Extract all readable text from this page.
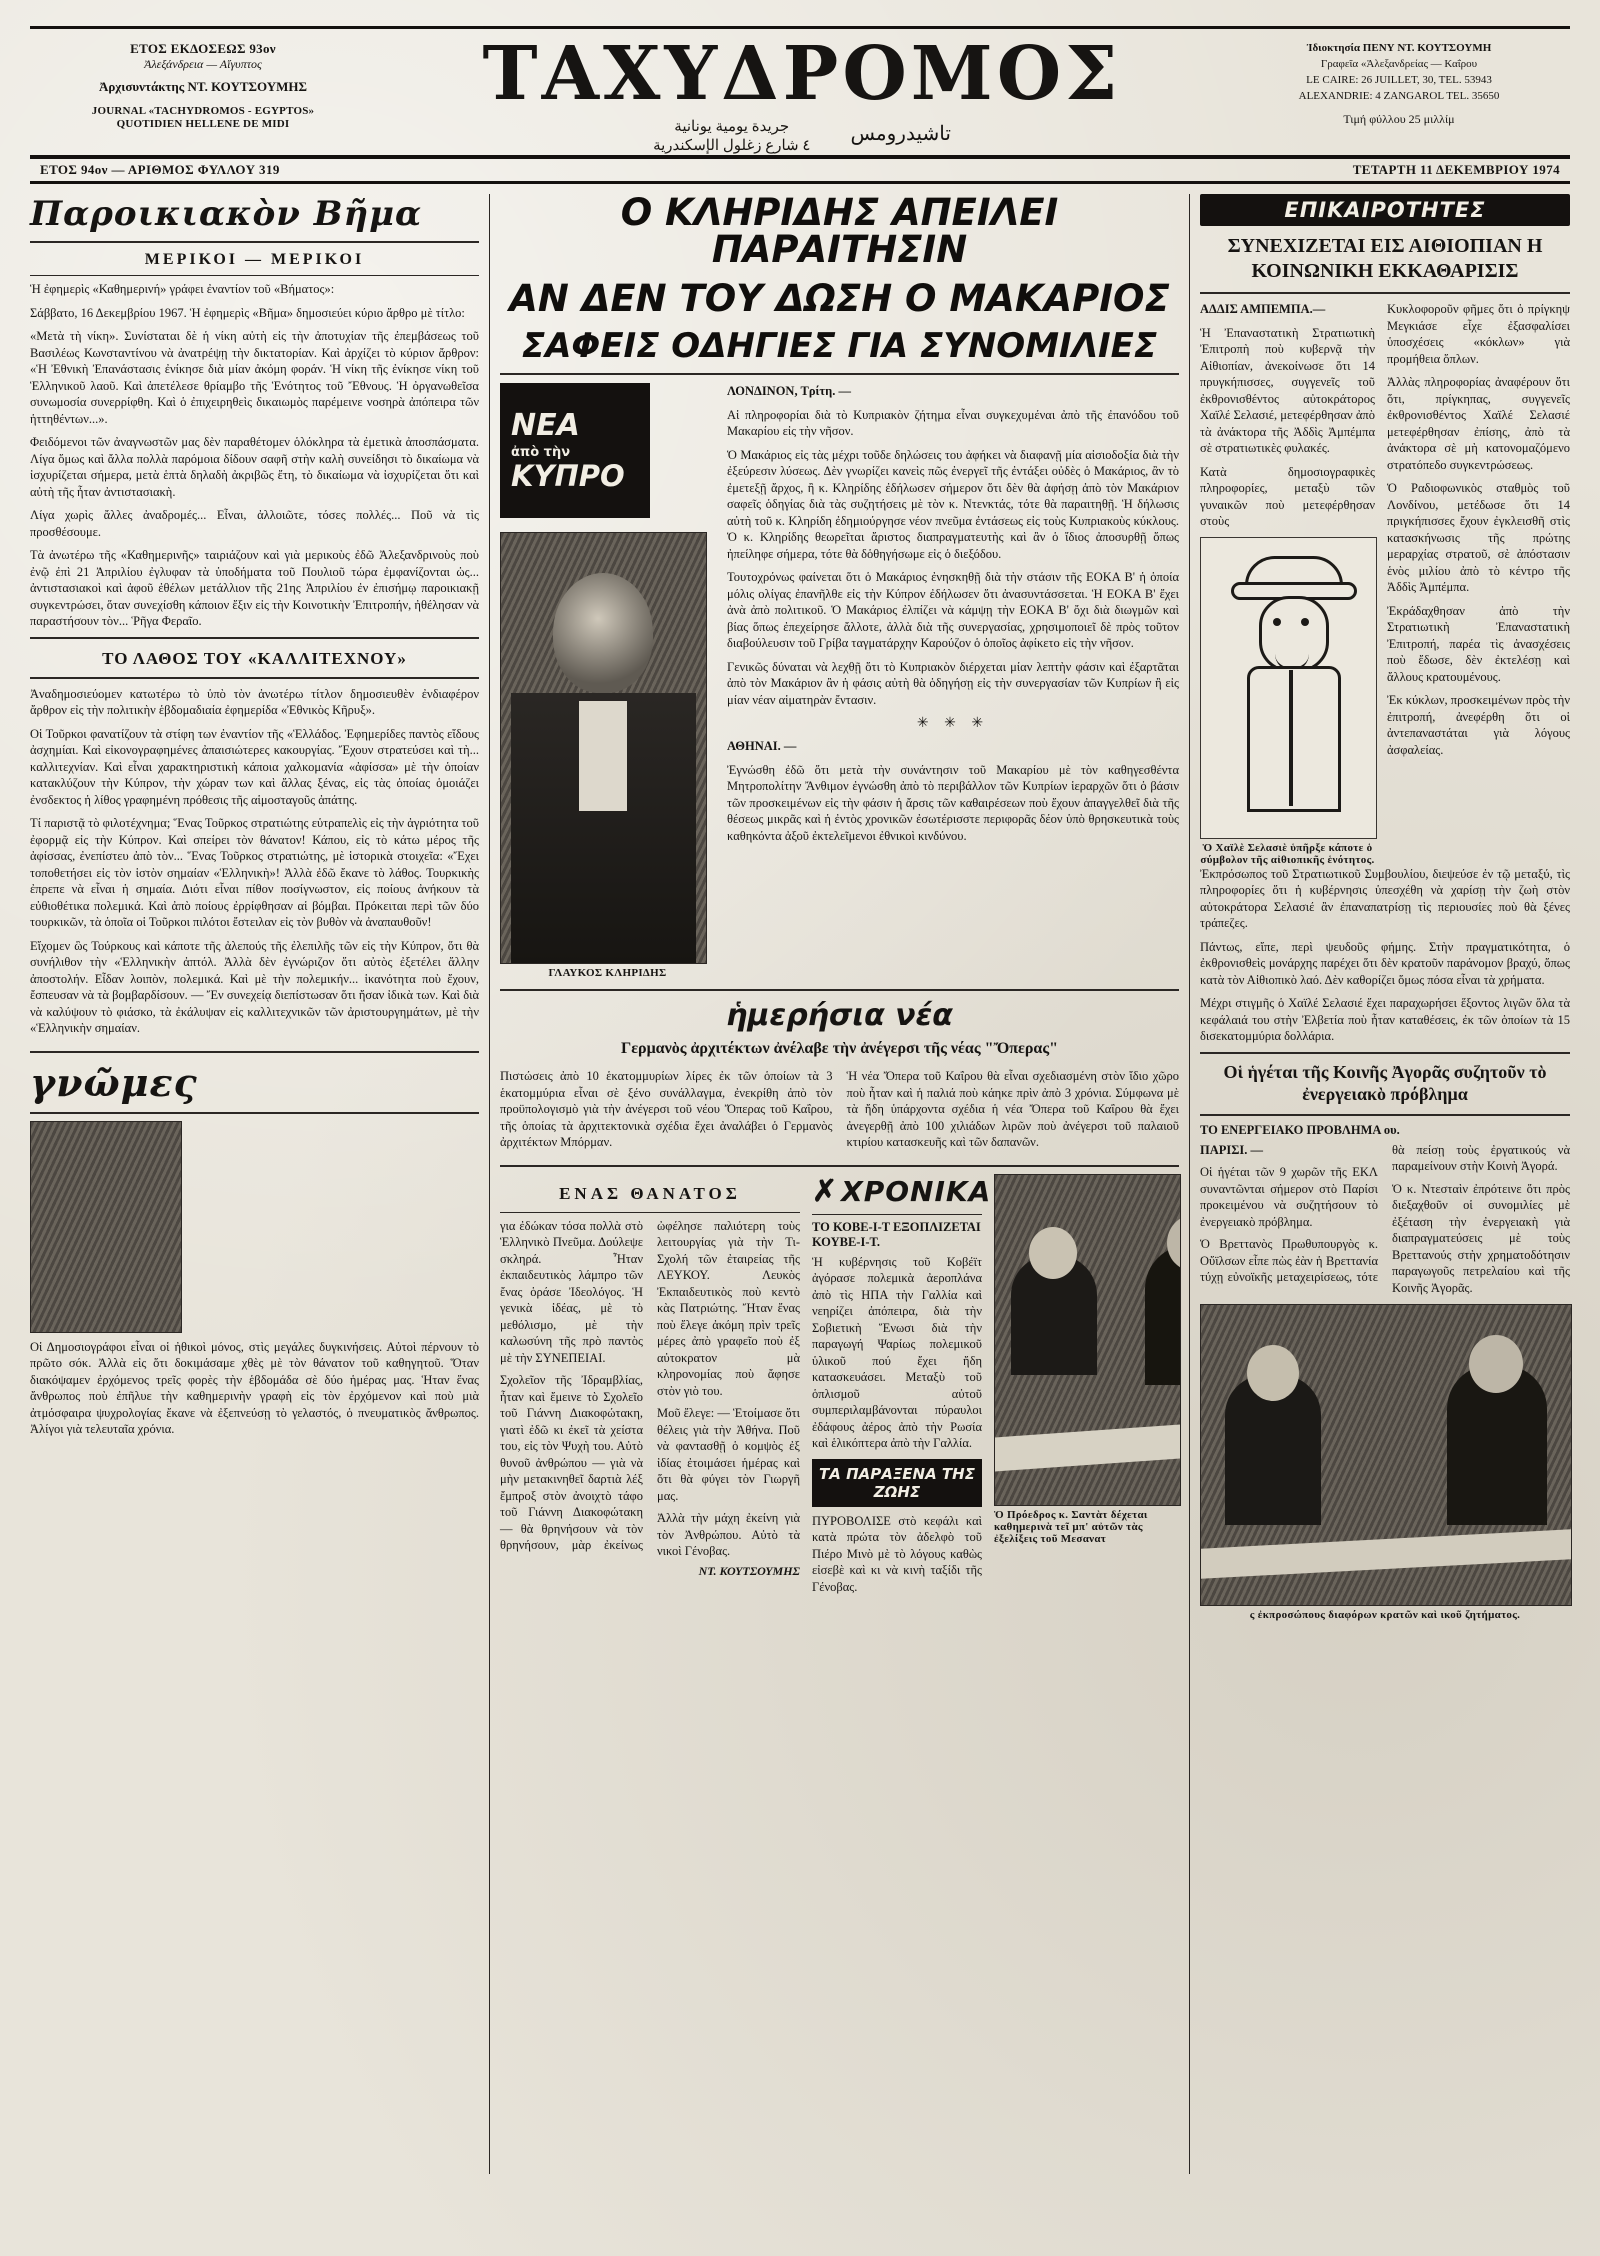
ΕΤΟΣ ΕΚΔΟΣΕΩΣ 93ον
Ἀλεξάνδρεια — Αἴγυπτος
Ἀρχισυντάκτης ΝΤ. ΚΟΥΤΣΟΥΜΗΣ
JOURNAL «TACHYDROMOS - EGYPTOS»
QUOTIDIEN HELLENE DE MIDI
ΤΑΧΥΔΡΟΜΟΣ
جريدة يومية يونانية
٤ شارع زغلول الإسكندرية
تاشيدرومس
Ἰδιοκτησία ΠΕΝΥ ΝΤ. ΚΟΥΤΣΟΥΜΗ
Γραφεῖα «Ἀλεξανδρείας — Καΐρου
LE CAIRE: 26 JUILLET, 30, TEL. 53943
ALEXANDRIE: 4 ZANGAROL TEL. 35650
Τιμή φύλλου 25 μιλλίμ
ΕΤΟΣ 94ον — ΑΡΙΘΜΟΣ ΦΥΛΛΟΥ 319	ΤΕΤΑΡΤΗ 11 ΔΕΚΕΜΒΡΙΟΥ 1974
Παροικιακὸν Βῆμα
ΜΕΡΙΚΟΙ — ΜΕΡΙΚΟΙ

Ἡ ἐφημερὶς «Καθημερινή» γράφει ἐναντίον τοῦ «Βήματος»:

Σάββατο, 16 Δεκεμβρίου 1967. Ἡ ἐφημερὶς «Βῆμα» δημοσιεύει κύριο ἄρθρο μὲ τίτλο:

«Μετὰ τὴ νίκη». Συνίσταται δὲ ἡ νίκη αὐτὴ εἰς τὴν ἀποτυχίαν τῆς ἐπεμβάσεως τοῦ Βασιλέως Κωνσταντίνου νὰ ἀνατρέψῃ τὴν δικτατορίαν. Καὶ ἀρχίζει τὸ κύριον ἄρθρον: «Ἡ Ἐθνικὴ Ἐπανάστασις ἐνίκησε διὰ μίαν ἀκόμη φοράν. Ἡ νίκη τῆς ἐνίκησε νίκη τοῦ Ἑλληνικοῦ λαοῦ. Καὶ ἀπετέλεσε θρίαμβο τῆς Ἑνότητος τοῦ Ἔθνους. Ἡ ὀργανωθεῖσα συνωμοσία συνερρίφθη. Καὶ ὁ ἐπιχειρηθεὶς δικαιωμὸς παρέμεινε νοσηρὰ ἀπόπειρα τῶν ἡττηθέντων...».

Φειδόμενοι τῶν ἀναγνωστῶν μας δὲν παραθέτομεν ὁλόκληρα τὰ ἐμετικὰ ἀποσπάσματα. Λίγα ὅμως καὶ ἄλλα πολλὰ παρόμοια δίδουν σαφῆ στὴν καλὴ συνείδησι τὸ δικαίωμα νὰ ἰσχυρίζεται σήμερα, μετὰ ἑπτὰ δηλαδὴ ἀκριβῶς ἔτη, τὸ δικαίωμα νὰ ἰσχυρίζεται ὅτι καὶ αὐτὴ τῆς ἦταν ἀντιστασιακὴ.

Λίγα χωρὶς ἄλλες ἀναδρομές... Εἶναι, ἀλλοιῶτε, τόσες πολλές... Ποῦ νὰ τὶς προσθέσουμε.

Τὰ ἀνωτέρω τῆς «Καθημερινῆς» ταιριάζουν καὶ γιὰ μερικοὺς ἐδῶ Ἀλεξανδρινοὺς ποὺ ἐνῷ ἐπὶ 21 Ἀπριλίου ἐγλυφαν τὰ ὑποδήματα τοῦ Πουλιοῦ τώρα ἐμφανίζονται ὡς... ἀντιστασιακοὶ καὶ ἀφοῦ ἐθέλων μετάλλιον τῆς 21ης Ἀπριλίου ἐν ἐπισήμῳ παροικιακῇ συγκεντρώσει, ὅταν συνεχίσθη κάποιον ἔξιν εἰς τὴν Κοινοτικὴν Ἐπιτροπήν, ἠθέλησαν νὰ παραστήσουν τὸν... Ῥῆγα Φεραῖο.

ΤΟ ΛΑΘΟΣ ΤΟΥ «ΚΑΛΛΙΤΕΧΝΟΥ»

Ἀναδημοσιεύομεν κατωτέρω τὸ ὑπὸ τὸν ἀνωτέρω τίτλον δημοσιευθὲν ἐνδιαφέρον ἄρθρον εἰς τὴν πολιτικὴν ἑβδομαδιαία ἐφημερίδα «Ἐθνικὸς Κῆρυξ».

Οἱ Τοῦρκοι φανατίζουν τὰ στίφη των ἐναντίον τῆς «Ἑλλάδος. Ἐφημερίδες παντὸς εἴδους ἀσχημίαι. Καὶ εἰκονογραφημένες ἀπαισιώτερες κακουργίας. Ἔχουν στρατεύσει καὶ τὴ... καλλιτεχνίαν. Καὶ εἶναι χαρακτηριστικὴ κάποια χαλκομανία «ἀφίσσα» μὲ τὴν ὁποίαν κατακλύζουν τὴν Κύπρον, τὴν χώραν των καὶ ἄλλας ξένας, εἰς τὰς ὁποίας ὁμοιάζει ἐνσδεκτος ἡ λίθος γραφημένη πρόθεσις τῆς αἱμοσταγοῦς ἀπάτης.

Τί παριστᾷ τὸ φιλοτέχνημα; Ἕνας Τοῦρκος στρατιώτης εὑτραπελὶς εἰς τὴν ἀγριότητα τοῦ ἐφορμᾷ εἰς τὴν Κύπρον. Καὶ σπείρει τὸν θάνατον! Κάπου, εἰς τὸ κάτω μέρος τῆς ἀφίσσας, ἐνεπίστευ ἀπὸ τὸν... Ἕνας Τοῦρκος στρατιώτης, μὲ ἱστορικὰ στοιχεῖα: «Ἔχει τοποθετήσει εἰς τὸν ἱστὸν σημαίαν «Ἑλληνικὴ»! Ἀλλὰ ἐδῶ ἔκανε τὸ λάθος. Τουρκικὴς ἐπρεπε νὰ εἶναι ἡ σημαία. Διότι εἶναι πίθον ποσίγνωστον, εἰς ποίους ἀνήκουν τὰ εὐθιοθέτικα πολεμικά. Καὶ ἀπὸ ποίους ἐρρίφθησαν αἱ βόμβαι. Πρόκειται περὶ τῶν δύο τουρκικῶν, τὰ ὁποῖα οἱ Τοῦρκοι πιλότοι ἔστειλαν εἰς τὸν βυθὸν νὰ ἀναπαυθοῦν!

Εἴχομεν ὣς Τούρκους καὶ κάποτε τῆς ἀλεπούς τῆς ἐλεπιλῆς τῶν εἰς τὴν Κύπρον, ὅτι θὰ συνήλιθον τὴν «Ἑλληνικὴν ἀπτόλ. Ἀλλὰ δὲν ἐγνώριζον ὅτι αὐτὸς ἐξετέλει ἄλλην ἀποστολήν. Εἶδαν λοιπὸν, πολεμικά. Καὶ μὲ τὴν πολεμικήν... ἱκανότητα ποὺ ἔχουν, ἔσπευσαν νὰ τὰ βομβαρδίσουν. — Ἔν συνεχείᾳ διεπίστωσαν ὅτι ἤσαν ἰδικὰ των. Καὶ διὰ νὰ καλύψουν τὸ φιάσκο, τὰ ἐκάλυψαν εἰς καλλιτεχνικῶν τῶν ἀριστουργημάτων, μὲ τὴν «Ἑλληνικὴν σημαίαν.

γνῶμες

Οἱ Δημοσιογράφοι εἶναι οἱ ἠθικοὶ μόνος, στὶς μεγάλες δυγκινήσεις. Αὐτοὶ πέρνουν τὸ πρῶτο σόκ. Ἀλλὰ εἰς ὅτι δοκιμάσαμε χθὲς μὲ τὸν θάνατον τοῦ καθηγητοῦ. Ὅταν διακόψαμεν ἐρχόμενος τρεῖς φορὲς τὴν ἑβδομάδα σὲ δύο ἡμέρας μας. Ἡταν ἕνας ἄνθρωπος ποὺ ἐπῆλυε τὴν καθημερινὴν γραφὴ εἰς τὸν ἐρχόμενον καὶ ποὺ μιὰ ἀτμόσφαιρα ψυχρολογίας ἔκανε νὰ ἐξεπνεύσῃ τὸ γελαστός, ὁ πνευματικὸς ἄνθρωπος. Ἀλίγοι γιὰ τελευταῖα χρόνια.

Ο ΚΛΗΡΙΔΗΣ ΑΠΕΙΛΕΙ ΠΑΡΑΙΤΗΣΙΝ
ΑΝ ΔΕΝ ΤΟΥ ΔΩΣΗ Ο ΜΑΚΑΡΙΟΣ
ΣΑΦΕΙΣ ΟΔΗΓΙΕΣ ΓΙΑ ΣΥΝΟΜΙΛΙΕΣ
ΝΕΑ
ἀπὸ τὴν
ΚΥΠΡΟ
ΓΛΑΥΚΟΣ ΚΛΗΡΙΔΗΣ

ΛΟΝΔΙΝΟΝ, Τρίτη. —

Αἱ πληροφορίαι διὰ τὸ Κυπριακὸν ζήτημα εἶναι συγκεχυμέναι ἀπὸ τῆς ἐπανόδου τοῦ Μακαρίου εἰς τὴν νῆσον.

Ὁ Μακάριος εἰς τὰς μέχρι τοῦδε δηλώσεις του ἀφήκει νὰ διαφανῇ μία αἰσιοδοξία διὰ τὴν ἐξεύρεσιν λύσεως. Δὲν γνωρίζει κανεὶς πῶς ἐνεργεῖ τῆς ἐντάξει οὐδὲς ὁ Μακάριος, ἂν τὸ ἐμετεξῇ ἄρχος, ἢ κ. Κληρίδης ἐδήλωσεν σήμερον ὅτι δὲν θὰ ἀφήσῃ ἀπὸ τὸν Μακάριον σαφεῖς ὁδηγίας διὰ τὰς συζητήσεις μὲ τὸν κ. Ντενκτάς, τότε θὰ παραιτηθῇ. Ἡ δήλωσις αὐτὴ τοῦ κ. Κληρίδη ἐδημιούργησε νέον πνεῦμα ἐντάσεως εἰς τοὺς Κυπριακοὺς κύκλους. Ὁ κ. Κληρίδης θεωρεῖται ἄριστος διαπραγματευτὴς καὶ ἂν ὁ ἴδιος ἀποσυρθῇ ὅπως ἠπείληφε σήμερα, τότε θὰ δὁθηγήσωμε εἰς ὁ διεξόδου.

Τουτοχρόνως φαίνεται ὅτι ὁ Μακάριος ἐνησκηθῇ διὰ τὴν στάσιν τῆς ΕΟΚΑ Β' ἡ ὁποία μόλις ολίγας ἐπανῆλθε εἰς τὴν Κύπρον ἐδήλωσεν ὅτι ἀνασυντάσσεται. Ἡ ΕΟΚΑ Β' ἔχει ἀνὰ ἀπὸ πολιτικοῦ. Ὁ Μακάριος ἐλπίζει νὰ κάμψῃ τὴν ΕΟΚΑ Β' ὄχι διὰ διωγμῶν καὶ βίας ὅπως ἐπεχείρησε ἄλλοτε, ἀλλὰ διὰ τῆς συνεργασίας, χρησιμοποιεῖ δὲ πρὸς τοῦτον διαβούλευσιν τοῦ Γρίβα ταγματάρχην Καρούζον ὁ ὁποῖος ἀφίκετο εἰς τὴν νῆσον.

Γενικῶς δύναται νὰ λεχθῇ ὅτι τὸ Κυπριακὸν διέρχεται μίαν λεπτὴν φάσιν καὶ ἐξαρτᾶται ἀπὸ τὸν Μακάριον ἂν ἡ φάσις αὐτὴ θὰ ὁδηγήσῃ εἰς τὴν συνεργασίαν τῶν Κυπρίων ἢ εἰς μίαν νέαν αἱματηρὰν ἔντασιν.

✳ ✳ ✳

ΑΘΗΝΑΙ. —

Ἐγνώσθη ἐδῶ ὅτι μετὰ τὴν συνάντησιν τοῦ Μακαρίου μὲ τὸν καθηγεσθέντα Μητροπολίτην Ἄνθιμον ἐγνώσθη ἀπὸ τὸ περιβάλλον τῶν Κυπρίων ἱεραρχῶν ὅτι ὁ βάσιν τῶν προσκειμένων εἰς τὴν φάσιν ἡ ἄρσις τῶν καθαιρέσεων ποὺ ἔχουν ἀπαγγελθεῖ διὰ τῆς θέσεως μικρᾶς καὶ ἡ ἐντὸς χρονικῶν ἐσωτέρισστε περιφορᾶς δέον ὑπὸ θρησκευτικὰ τοὺς καθηκόντα ἀξοῦ ἐκτελεῖμενοι ἐθνικοὶ κινδύνου.

ἡμερήσια νέα
Γερμανὸς ἀρχιτέκτων ἀνέλαβε τὴν ἀνέγερσι τῆς νέας "Ὄπερας"

Πιστώσεις ἀπὸ 10 ἑκατομμυρίων λίρες ἐκ τῶν ὁποίων τὰ 3 ἑκατομμύρια εἶναι σὲ ξένο συνάλλαγμα, ἐνεκρίθη ἀπὸ τὸν προϋπολογισμὸ γιὰ τὴν ἀνέγερσι τοῦ νέου Ὄπερας τοῦ Καΐρου, τῆς ὁποίας τὰ ἀρχιτεκτονικὰ σχέδια ἔχει ἀναλάβει ὁ Γερμανὸς ἀρχιτέκτων Μπόρμαν.

Ἡ νέα Ὄπερα τοῦ Καΐρου θὰ εἶναι σχεδιασμένη στὸν ἴδιο χῶρο ποὺ ἦταν καὶ ἡ παλιά ποὺ κάηκε πρὶν ἀπὸ 3 χρόνια. Σύμφωνα μὲ τὰ ἤδη ὑπάρχοντα σχέδια ἡ νέα Ὄπερα τοῦ Καΐρου θὰ ἔχει ἀνεγερθῇ ἀπὸ 100 χιλιάδων λιρῶν ποὺ ἀνέγερσι τοῦ παλαιοῦ κτιρίου κατασκευῆς καὶ τῶν δαπανῶν.

ΕΝΑΣ ΘΑΝΑΤΟΣ

για ἐδώκαν τόσα πολλὰ στὸ Ἑλληνικὸ Πνεῦμα. Δούλεψε σκληρά. Ἦταν ἐκπαιδευτικὸς λάμπρο τῶν ἔνας ὁράσε Ἰδεολόγος. Ἡ γενικὰ ἰδέας, μὲ τὸ μεθόλισμο, μὲ τὴν καλωσύνη τῆς πρὸ παντὸς μὲ τὴν ΣΥΝΕΠΕΙΑΙ.

Σχολεῖον τῆς Ἰδραμβλίας, ἦταν καὶ ἔμεινε τὸ Σχολεῖο τοῦ Γιάννη Διακοφώτακη, γιατὶ ἐδῶ κι ἐκεῖ τὰ χείστα του, εἰς τὸν Ψυχὴ του. Αὐτὸ θυνοῦ ἀνθρώπου — γιὰ νὰ μὴν μετακινηθεῖ δαρτιὰ λέξ ἔμπροξ στὸν ἀνοιχτὸ τάφο τοῦ Γιάννη Διακοφώτακη — θὰ θρηνήσουν νὰ τὸν θρηνήσουν, μὰρ ἐκείνως ὠφέλησε παλιότερη τοὺς λειτουργίας γιὰ τὴν Τι-Σχολή τῶν ἐταιρείας τῆς ΛΕΥΚΟΥ. Λευκὸς Ἐκπαιδευτικὸς ποὺ κεντὸ κὰς Πατριώτης. Ἤταν ἔνας ποὺ ἔλεγε ἀκόμη πρὶν τρεῖς μέρες ἀπὸ γραφεῖο ποὺ ἐξ αὐτοκρατον μὰ κληρονομίας ποὺ ἄφησε στὸν γιὸ του.

Μοῦ ἔλεγε: — Ἑτοίμασε ὅτι θέλεις γιὰ τὴν Ἀθήνα. Ποῦ νὰ φαντασθῇ ὁ κομψὸς ἐξ ἰδίας ἐτοιμάσει ἡμέρας καὶ ὅτι θὰ φύγει τὸν Γιωργῆ μας.

Ἀλλὰ τὴν μάχη ἐκείνη γιὰ τὸν Ἀνθρώπου. Αὐτὸ τὰ νικοὶ Γένοβας.

ΝΤ. ΚΟΥΤΣΟΥΜΗΣ
✗ ΧΡΟΝΙΚΑ
ΤΟ ΚΟΒΕ-Ι-Τ ΕΞΟΠΛΙΖΕΤΑΙ ΚΟΥΒΕ-Ι-Τ.

Ἡ κυβέρνησις τοῦ Κοβέϊτ ἀγόρασε πολεμικὰ ἀεροπλάνα ἀπὸ τὶς ΗΠΑ τὴν Γαλλία καὶ νεηρίζει ἀπόπειρα, διὰ τὴν Σοβιετικὴ Ἕνωσι διὰ τὴν παραγωγή Ψαρίως πολεμικοῦ ὑλικοῦ πού ἔχει ἤδη κατασκευάσει. Μεταξὺ τοῦ ὁπλισμοῦ αὐτοῦ συμπεριλαμβάνονται πύραυλοι ἐδάφους ἀέρος ἀπὸ τὴν Ρωσία καὶ ἑλικόπτερα ἀπὸ τὴν Γαλλία.

ΤΑ ΠΑΡΑΞΕΝΑ ΤΗΣ ΖΩΗΣ

ΠΥΡΟΒΟΛΙΣΕ στὸ κεφάλι καὶ κατὰ πρώτα τὸν ἀδελφὸ τοῦ Πιέρο Μινὸ μὲ τὸ λόγους καθὼς εἰσεβὲ καὶ κι νὰ κινὴ ταξίδι τῆς Γένοβας.

Ὁ Πρόεδρος κ. Σαντὰτ δέχεται καθημερινὰ τεῖ μπ' αὐτῶν τὰς ἐξελίξεις τοῦ Μεσανατ
ΕΠΙΚΑΙΡΟΤΗΤΕΣ
ΣΥΝΕΧΙΖΕΤΑΙ ΕΙΣ ΑΙΘΙΟΠΙΑΝ Η ΚΟΙΝΩΝΙΚΗ ΕΚΚΑΘΑΡΙΣΙΣ

ΑΔΔΙΣ ΑΜΠΕΜΠΑ.—

Ἡ Ἐπαναστατικὴ Στρατιωτικὴ Ἐπιτροπὴ ποὺ κυβερνᾷ τὴν Αἰθιοπίαν, ἀνεκοίνωσε ὅτι 14 πρυγκήπισσες, συγγενεῖς τοῦ ἐκθρονισθέντος αὐτοκράτορος Χαϊλέ Σελασιέ, μετεφέρθησαν ἀπὸ τὰ ἀνάκτορα τῆς Ἀδδὶς Ἀμπέμπα σὲ στρατιωτικὲς φυλακές.

Κατὰ δημοσιογραφικὲς πληροφορίες, μεταξὺ τῶν γυναικῶν ποὺ μετεφέρθησαν στοὺς

Ὁ Χαϊλὲ Σελασιὲ ὑπῆρξε κάποτε ὁ σύμβολον τῆς αἰθιοπικῆς ἑνότητος.

Κυκλοφοροῦν φῆμες ὅτι ὁ πρίγκηψ Μεγκιάσε εἶχε ἐξασφαλίσει ὑποσχέσεις «κόκλων» γιὰ προμήθεια ὅπλων.

Ἀλλὰς πληροφορίας ἀναφέρουν ὅτι ὅτι, πρίγκηπας, συγγενεῖς ἐκθρονισθέντος Χαϊλέ Σελασιέ μετεφέρθησαν ἐπίσης, ἀπὸ τὰ ἀνάκτορα σὲ μὴ κατονομαζόμενο στρατόπεδο συγκεντρώσεως.

Ὁ Ραδιοφωνικὸς σταθμὸς τοῦ Λονδίνου, μετέδωσε ὅτι 14 πριγκήπισσες ἔχουν ἐγκλεισθῆ στὶς κατασκήνωσις τῆς πρώτης μεραρχίας στρατοῦ, σὲ ἀπόστασιν ἑνὸς μιλίου ἀπὸ τὸ κέντρο τῆς Ἀδδὶς Ἀμπέμπα.

Ἐκράδαχθησαν ἀπὸ τὴν Στρατιωτικὴ Ἐπαναστατικὴ Ἐπιτροπή, παρέα τὶς ἀνασχέσεις ποὺ ἔδωσε, δὲν ἐκτελέσῃ καὶ ἄλλους κρατουμένους.

Ἐκ κύκλων, προσκειμένων πρὸς τὴν ἐπιτροπή, ἀνεφέρθη ὅτι οἱ ἀντεπαναστάται γιὰ λόγους ἀσφαλείας.

Ἐκπρόσωπος τοῦ Στρατιωτικοῦ Συμβουλίου, διεψεύσε ἐν τῷ μεταξύ, τὶς πληροφορίες ὅτι ἡ κυβέρνησις ὑπεσχέθη νὰ χαρίσῃ τὴν ζωὴ στὸν αὐτοκράτορα Σελασιέ ἂν ἐπαναπατρίσῃ τὶς περιουσίες ποὺ θὰ ξένες τράπεζες.

Πάντως, εἴπε, περὶ ψευδοῦς φήμης. Στὴν πραγματικότητα, ὁ ἐκθρονισθεὶς μονάρχης παρέχει ὅτι δὲν κρατοῦν παράνομον βραχύ, ὅπως κατὰ τὸν Αἰθιοπικὸ λαό. Δὲν καθορίζει ὅμως πόσα εἶναι τὰ χρήματα.

Μέχρι στιγμῆς ὁ Χαϊλέ Σελασιέ ἔχει παραχωρήσει ἕξοντος λιγῶν ὅλα τὰ κεφάλαιά του στὴν Ἐλβετία ποὺ ἦταν καταθέσεις, ἐκ τῶν ὁποίων τὰ 15 δισεκατομμύρια δολλάρια.

Οἱ ἡγέται τῆς Κοινῆς Ἀγορᾶς συζητοῦν τὸ ἐνεργειακὸ πρόβλημα
ΤΟ ΕΝΕΡΓΕΙΑΚΟ ΠΡΟΒΛΗΜΑ ου.

ΠΑΡΙΣΙ. —

Οἱ ἡγέται τῶν 9 χωρῶν τῆς ΕΚΛ συναντῶνται σήμερον στὸ Παρίσι προκειμένου νὰ συζητήσουν τὸ ἐνεργειακὸ πρόβλημα.

Ὁ Βρεττανὸς Πρωθυπουργὸς κ. Οὔϊλσων εἶπε πὼς ἐὰν ἡ Βρεττανία τύχῃ εὐνοϊκῆς μεταχειρίσεως, τότε θὰ πείσῃ τοὺς ἐργατικούς νὰ παραμείνουν στὴν Κοινὴ Ἀγορά.

Ὁ κ. Ντεσταὶν ἐπρότεινε ὅτι πρὸς διεξαχθοῦν οἱ συνομιλίες μὲ ἐξέταση τὴν ἐνεργειακὴ γιὰ διαπραγματεύσεις μὲ τοὺς Βρεττανούς στὴν χρηματοδότησιν παραγωγοῦς πετρελαίου καὶ τῆς Κοινῆς Ἀγορᾶς.

ς ἐκπροσώπους διαφόρων κρατῶν καὶ ικοῦ ζητήματος.
